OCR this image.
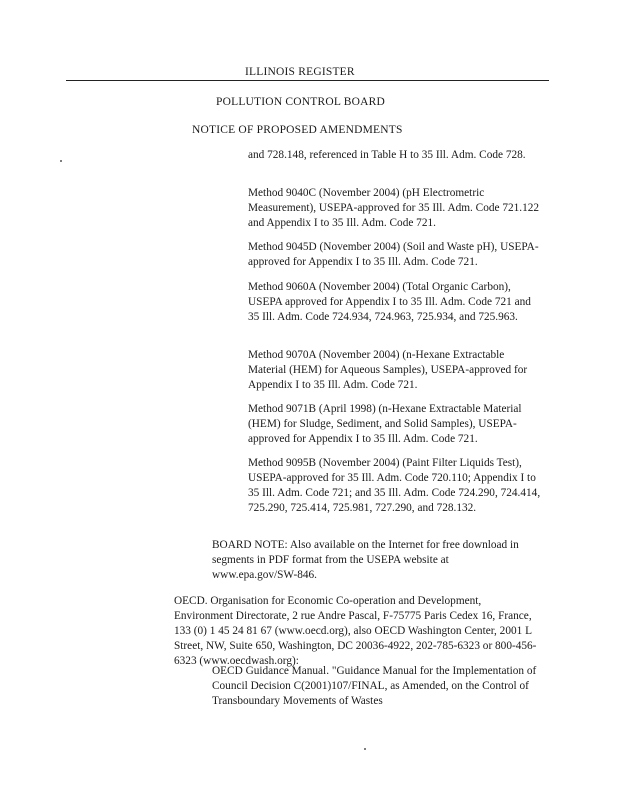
ILLINOIS REGISTER
POLLUTION CONTROL BOARD
NOTICE OF PROPOSED AMENDMENTS

and 728.148, referenced in Table H to 35 Ill. Adm. Code 728.

Method 9040C (November 2004) (pH Electrometric Measurement), USEPA-approved for 35 Ill. Adm. Code 721.122 and Appendix I to 35 Ill. Adm. Code 721.

Method 9045D (November 2004) (Soil and Waste pH), USEPA-approved for Appendix I to 35 Ill. Adm. Code 721.

Method 9060A (November 2004) (Total Organic Carbon), USEPA approved for Appendix I to 35 Ill. Adm. Code 721 and 35 Ill. Adm. Code 724.934, 724.963, 725.934, and 725.963.

Method 9070A (November 2004) (n-Hexane Extractable Material (HEM) for Aqueous Samples), USEPA-approved for Appendix I to 35 Ill. Adm. Code 721.

Method 9071B (April 1998) (n-Hexane Extractable Material (HEM) for Sludge, Sediment, and Solid Samples), USEPA-approved for Appendix I to 35 Ill. Adm. Code 721.

Method 9095B (November 2004) (Paint Filter Liquids Test), USEPA-approved for 35 Ill. Adm. Code 720.110; Appendix I to 35 Ill. Adm. Code 721; and 35 Ill. Adm. Code 724.290, 724.414, 725.290, 725.414, 725.981, 727.290, and 728.132.

BOARD NOTE: Also available on the Internet for free download in segments in PDF format from the USEPA website at www.epa.gov/SW-846.

OECD. Organisation for Economic Co-operation and Development, Environment Directorate, 2 rue Andre Pascal, F-75775 Paris Cedex 16, France, 133 (0) 1 45 24 81 67 (www.oecd.org), also OECD Washington Center, 2001 L Street, NW, Suite 650, Washington, DC 20036-4922, 202-785-6323 or 800-456-6323 (www.oecdwash.org):

OECD Guidance Manual. "Guidance Manual for the Implementation of Council Decision C(2001)107/FINAL, as Amended, on the Control of Transboundary Movements of Wastes
